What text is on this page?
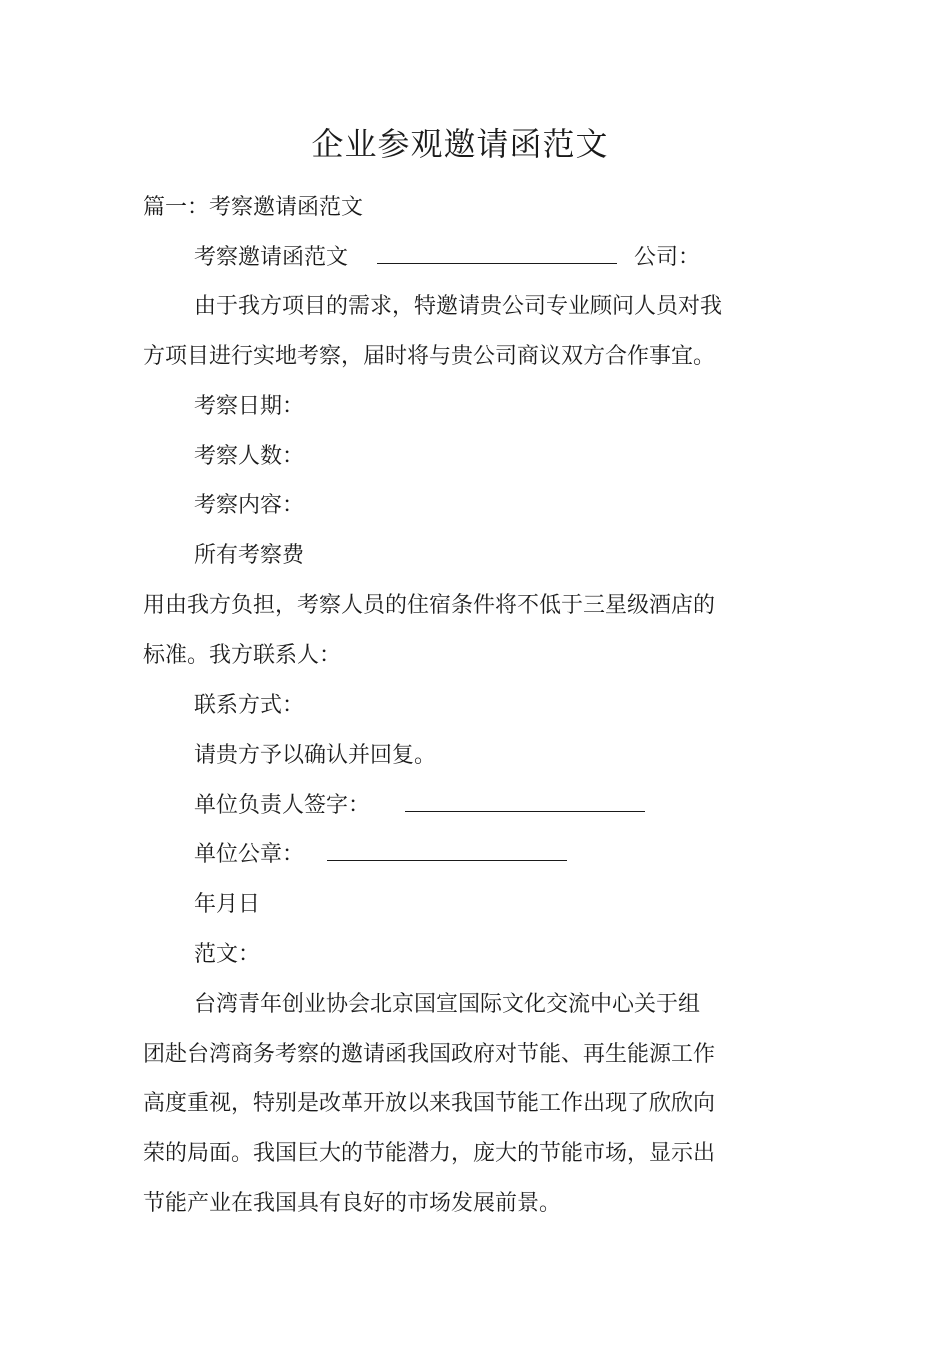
企业参观邀请函范文
篇一：考察邀请函范文
考察邀请函范文	公司：
由于我方项目的需求，特邀请贵公司专业顾问人员对我
方项目进行实地考察，届时将与贵公司商议双方合作事宜。
考察日期：
考察人数：
考察内容：
所有考察费
用由我方负担，考察人员的住宿条件将不低于三星级酒店的
标准。我方联系人：
联系方式：
请贵方予以确认并回复。
单位负责人签字：
单位公章：
年月日
范文：
台湾青年创业协会北京国宣国际文化交流中心关于组
团赴台湾商务考察的邀请函我国政府对节能、再生能源工作
高度重视，特别是改革开放以来我国节能工作出现了欣欣向
荣的局面。我国巨大的节能潜力，庞大的节能市场，显示出
节能产业在我国具有良好的市场发展前景。
